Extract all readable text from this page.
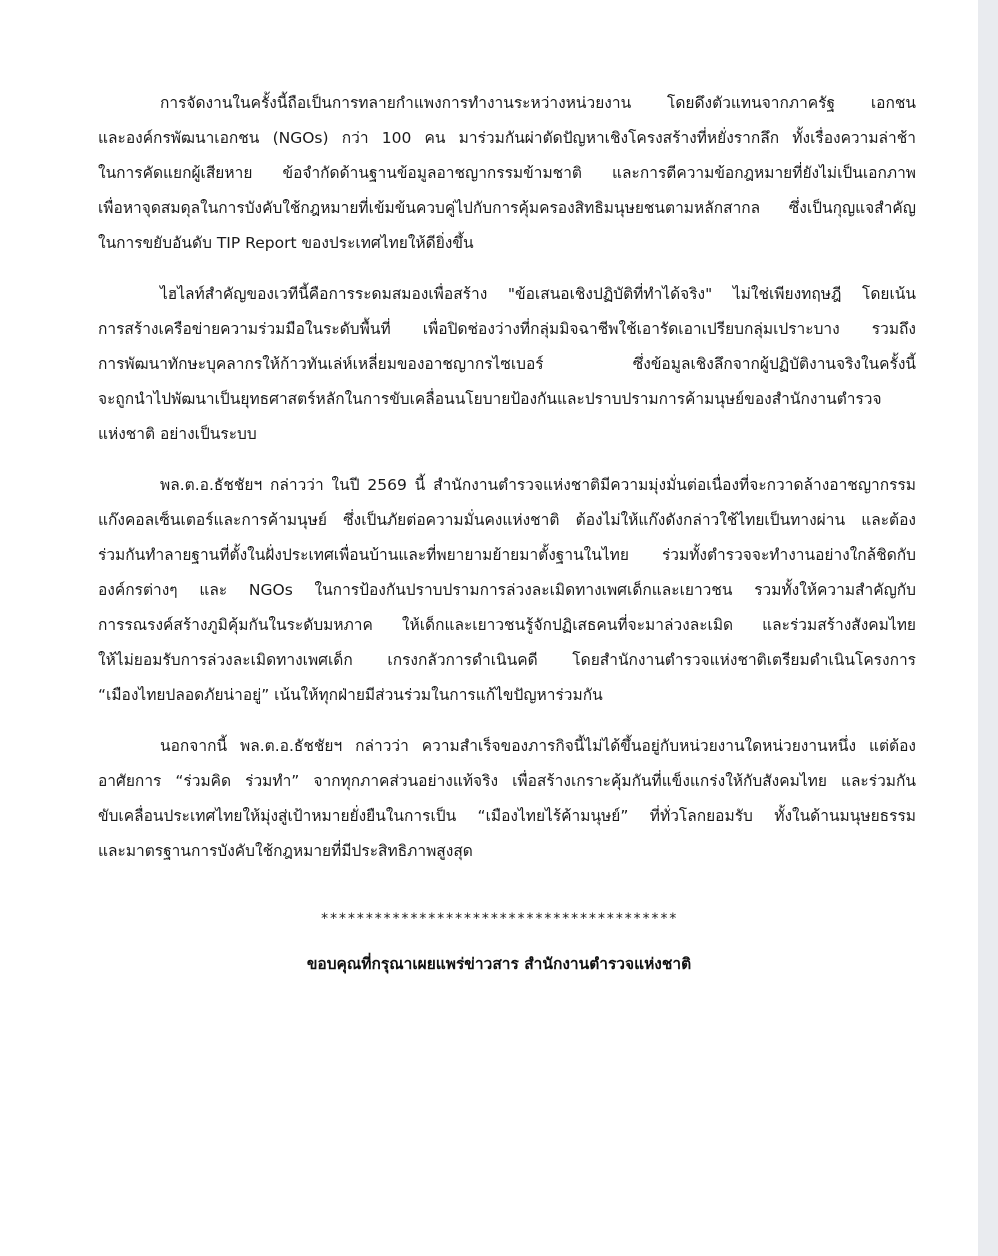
การจัดงานในครั้งนี้ถือเป็นการทลายกำแพงการทำงานระหว่างหน่วยงาน โดยดึงตัวแทนจากภาครัฐ เอกชน
และองค์กรพัฒนาเอกชน (NGOs) กว่า 100 คน มาร่วมกันผ่าตัดปัญหาเชิงโครงสร้างที่หยั่งรากลึก ทั้งเรื่องความล่าช้า
ในการคัดแยกผู้เสียหาย ข้อจำกัดด้านฐานข้อมูลอาชญากรรมข้ามชาติ และการตีความข้อกฎหมายที่ยังไม่เป็นเอกภาพ
เพื่อหาจุดสมดุลในการบังคับใช้กฎหมายที่เข้มข้นควบคู่ไปกับการคุ้มครองสิทธิมนุษยชนตามหลักสากล ซึ่งเป็นกุญแจสำคัญ
ในการขยับอันดับ TIP Report ของประเทศไทยให้ดียิ่งขึ้น
ไฮไลท์สำคัญของเวทีนี้คือการระดมสมองเพื่อสร้าง "ข้อเสนอเชิงปฏิบัติที่ทำได้จริง" ไม่ใช่เพียงทฤษฎี โดยเน้น
การสร้างเครือข่ายความร่วมมือในระดับพื้นที่ เพื่อปิดช่องว่างที่กลุ่มมิจฉาชีพใช้เอารัดเอาเปรียบกลุ่มเปราะบาง รวมถึง
การพัฒนาทักษะบุคลากรให้ก้าวทันเล่ห์เหลี่ยมของอาชญากรไซเบอร์ ซึ่งข้อมูลเชิงลึกจากผู้ปฏิบัติงานจริงในครั้งนี้
จะถูกนำไปพัฒนาเป็นยุทธศาสตร์หลักในการขับเคลื่อนนโยบายป้องกันและปราบปรามการค้ามนุษย์ของสำนักงานตำรวจ
แห่งชาติ อย่างเป็นระบบ
พล.ต.อ.ธัชชัยฯ กล่าวว่า ในปี 2569 นี้ สำนักงานตำรวจแห่งชาติมีความมุ่งมั่นต่อเนื่องที่จะกวาดล้างอาชญากรรม
แก๊งคอลเซ็นเตอร์และการค้ามนุษย์ ซึ่งเป็นภัยต่อความมั่นคงแห่งชาติ ต้องไม่ให้แก๊งดังกล่าวใช้ไทยเป็นทางผ่าน และต้อง
ร่วมกันทำลายฐานที่ตั้งในฝั่งประเทศเพื่อนบ้านและที่พยายามย้ายมาตั้งฐานในไทย ร่วมทั้งตำรวจจะทำงานอย่างใกล้ชิดกับ
องค์กรต่างๆ และ NGOs ในการป้องกันปราบปรามการล่วงละเมิดทางเพศเด็กและเยาวชน รวมทั้งให้ความสำคัญกับ
การรณรงค์สร้างภูมิคุ้มกันในระดับมหภาค ให้เด็กและเยาวชนรู้จักปฏิเสธคนที่จะมาล่วงละเมิด และร่วมสร้างสังคมไทย
ให้ไม่ยอมรับการล่วงละเมิดทางเพศเด็ก เกรงกลัวการดำเนินคดี โดยสำนักงานตำรวจแห่งชาติเตรียมดำเนินโครงการ
“เมืองไทยปลอดภัยน่าอยู่” เน้นให้ทุกฝ่ายมีส่วนร่วมในการแก้ไขปัญหาร่วมกัน
นอกจากนี้ พล.ต.อ.ธัชชัยฯ กล่าวว่า ความสำเร็จของภารกิจนี้ไม่ได้ขึ้นอยู่กับหน่วยงานใดหน่วยงานหนึ่ง แต่ต้อง
อาศัยการ “ร่วมคิด ร่วมทำ” จากทุกภาคส่วนอย่างแท้จริง เพื่อสร้างเกราะคุ้มกันที่แข็งแกร่งให้กับสังคมไทย และร่วมกัน
ขับเคลื่อนประเทศไทยให้มุ่งสู่เป้าหมายยั่งยืนในการเป็น “เมืองไทยไร้ค้ามนุษย์” ที่ทั่วโลกยอมรับ ทั้งในด้านมนุษยธรรม
และมาตรฐานการบังคับใช้กฎหมายที่มีประสิทธิภาพสูงสุด
****************************************
ขอบคุณที่กรุณาเผยแพร่ข่าวสาร สำนักงานตำรวจแห่งชาติ
